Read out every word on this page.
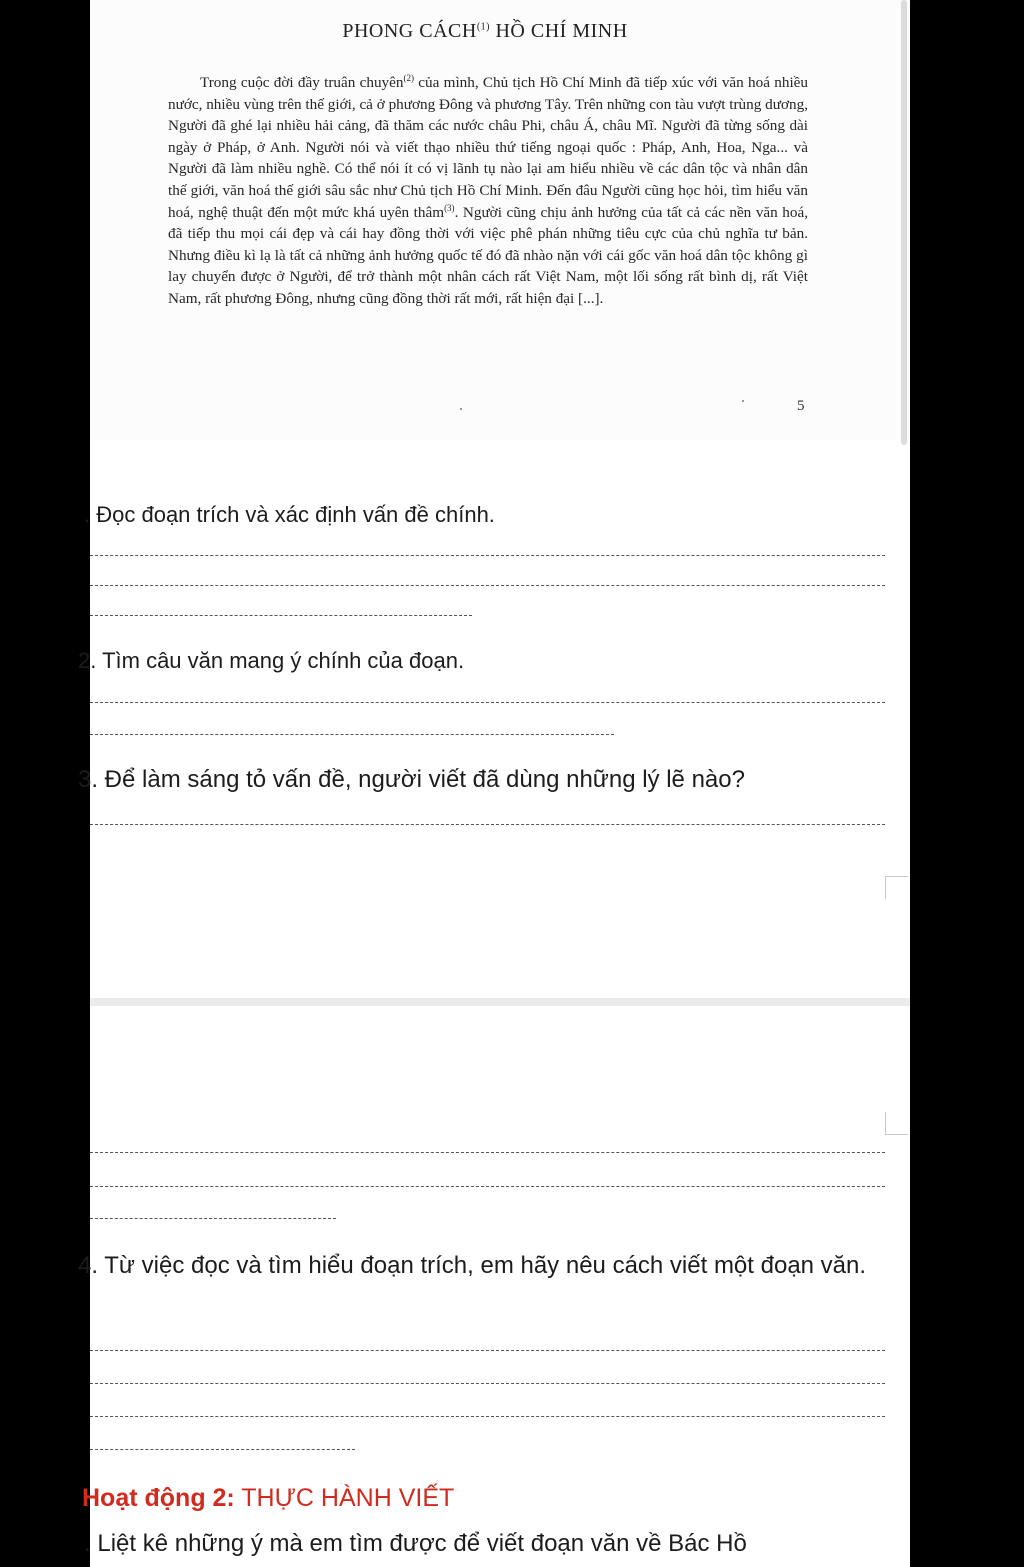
PHONG CÁCH$^{(1)}$ HỒ CHÍ MINH
Trong cuộc đời đầy truân chuyên$^{(2)}$ của mình, Chủ tịch Hồ Chí Minh đã tiếp xúc với văn hoá nhiều nước, nhiều vùng trên thế giới, cả ở phương Đông và phương Tây. Trên những con tàu vượt trùng dương, Người đã ghé lại nhiều hải cảng, đã thăm các nước châu Phi, châu Á, châu Mĩ. Người đã từng sống dài ngày ở Pháp, ở Anh. Người nói và viết thạo nhiều thứ tiếng ngoại quốc : Pháp, Anh, Hoa, Nga... và Người đã làm nhiều nghề. Có thể nói ít có vị lãnh tụ nào lại am hiểu nhiều về các dân tộc và nhân dân thế giới, văn hoá thế giới sâu sắc như Chủ tịch Hồ Chí Minh. Đến đâu Người cũng học hỏi, tìm hiểu văn hoá, nghệ thuật đến một mức khá uyên thâm$^{(3)}$. Người cũng chịu ảnh hưởng của tất cả các nền văn hoá, đã tiếp thu mọi cái đẹp và cái hay đồng thời với việc phê phán những tiêu cực của chủ nghĩa tư bản. Nhưng điều kì lạ là tất cả những ảnh hưởng quốc tế đó đã nhào nặn với cái gốc văn hoá dân tộc không gì lay chuyển được ở Người, để trở thành một nhân cách rất Việt Nam, một lối sống rất bình dị, rất Việt Nam, rất phương Đông, nhưng cũng đồng thời rất mới, rất hiện đại [...].
5
. Đọc đoạn trích và xác định vấn đề chính.
2. Tìm câu văn mang ý chính của đoạn.
3. Để làm sáng tỏ vấn đề, người viết đã dùng những lý lẽ nào?
4. Từ việc đọc và tìm hiểu đoạn trích, em hãy nêu cách viết một đoạn văn.
Hoạt động 2: THỰC HÀNH VIẾT
. Liệt kê những ý mà em tìm được để viết đoạn văn về Bác Hồ
